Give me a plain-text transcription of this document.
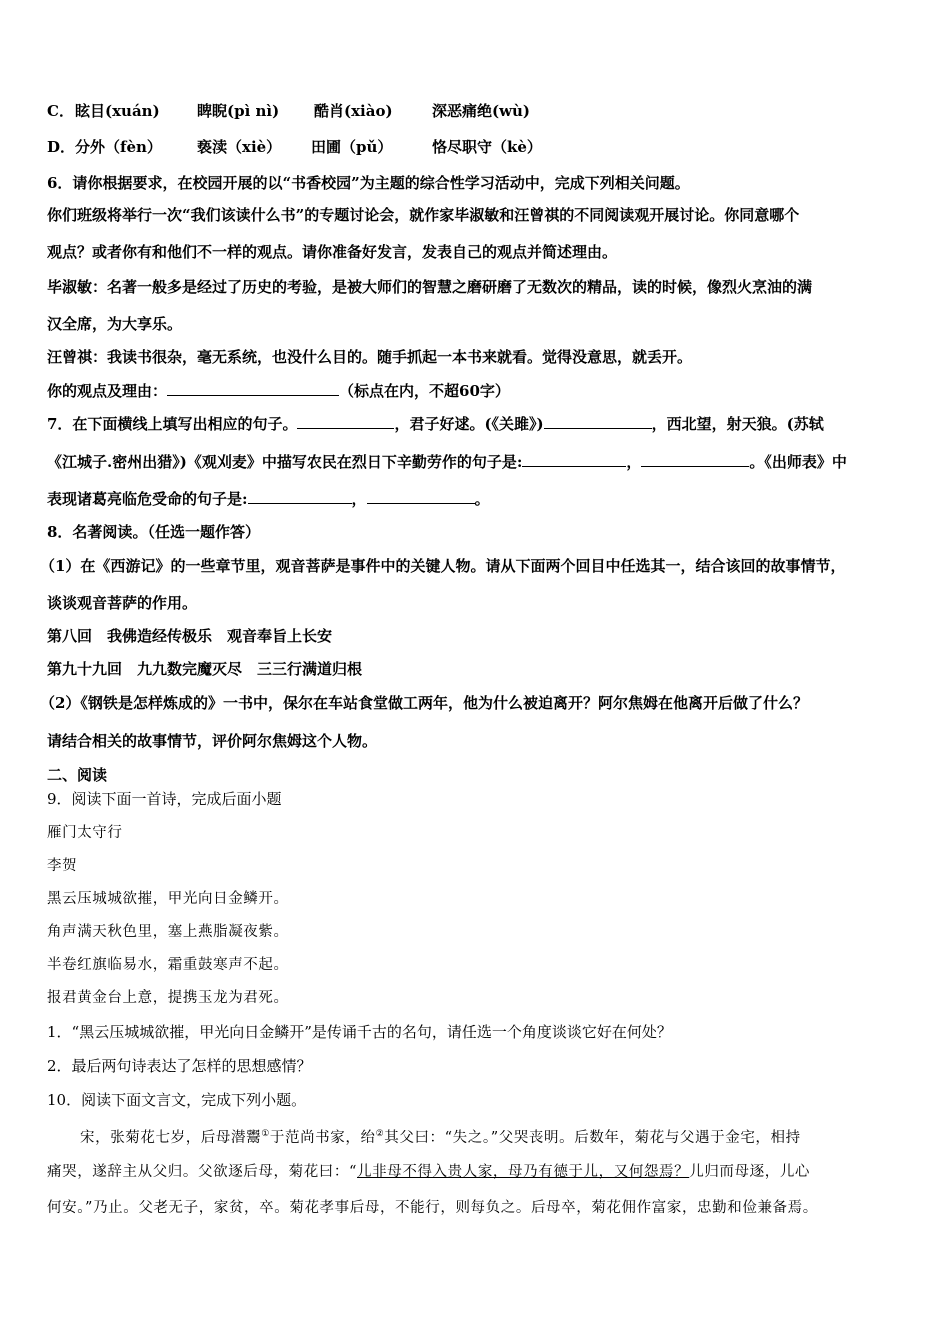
C．眩目(xuán) 睥睨(pì nì) 酷肖(xiào)	深恶痛绝(wù)
D．分外（fèn） 亵渎（xiè） 田圃（pǔ）	恪尽职守（kè）
6．请你根据要求，在校园开展的以“书香校园”为主题的综合性学习活动中，完成下列相关问题。
你们班级将举行一次“我们该读什么书”的专题讨论会，就作家毕淑敏和汪曾祺的不同阅读观开展讨论。你同意哪个
观点？或者你有和他们不一样的观点。请你准备好发言，发表自己的观点并简述理由。
毕淑敏：名著一般多是经过了历史的考验，是被大师们的智慧之磨研磨了无数次的精品，读的时候，像烈火烹油的满
汉全席，为大享乐。
汪曾祺：我读书很杂，毫无系统，也没什么目的。随手抓起一本书来就看。觉得没意思，就丢开。
你的观点及理由：	（标点在内，不超60字）
7．在下面横线上填写出相应的句子。	，君子好逑。(《关雎》)	，西北望，射天狼。(苏轼
《江城子.密州出猎》)《观刈麦》中描写农民在烈日下辛勤劳作的句子是:	，	。《出师表》中
表现诸葛亮临危受命的句子是:	，	。
8．名著阅读。（任选一题作答）
（1）在《西游记》的一些章节里，观音菩萨是事件中的关键人物。请从下面两个回目中任选其一，结合该回的故事情节，
谈谈观音菩萨的作用。
第八回　我佛造经传极乐　观音奉旨上长安
第九十九回　九九数完魔灭尽　三三行满道归根
（2）《钢铁是怎样炼成的》一书中，保尔在车站食堂做工两年，他为什么被迫离开？阿尔焦姆在他离开后做了什么？
请结合相关的故事情节，评价阿尔焦姆这个人物。
二、阅读
9．阅读下面一首诗，完成后面小题
雁门太守行
李贺
黑云压城城欲摧，甲光向日金鳞开。
角声满天秋色里，塞上燕脂凝夜紫。
半卷红旗临易水，霜重鼓寒声不起。
报君黄金台上意，提携玉龙为君死。
1．“黑云压城城欲摧，甲光向日金鳞开”是传诵千古的名句，请任选一个角度谈谈它好在何处？
2．最后两句诗表达了怎样的思想感情？
10．阅读下面文言文，完成下列小题。
宋，张菊花七岁，后母潜鬻①于范尚书家，绐②其父曰：“失之。”父哭丧明。后数年，菊花与父遇于金宅，相持
痛哭，遂辞主从父归。父欲逐后母，菊花曰：“儿非母不得入贵人家，母乃有德于儿，又何怨焉？儿归而母逐，儿心
何安。”乃止。父老无子，家贫，卒。菊花孝事后母，不能行，则每负之。后母卒，菊花佣作富家，忠勤和俭兼备焉。
